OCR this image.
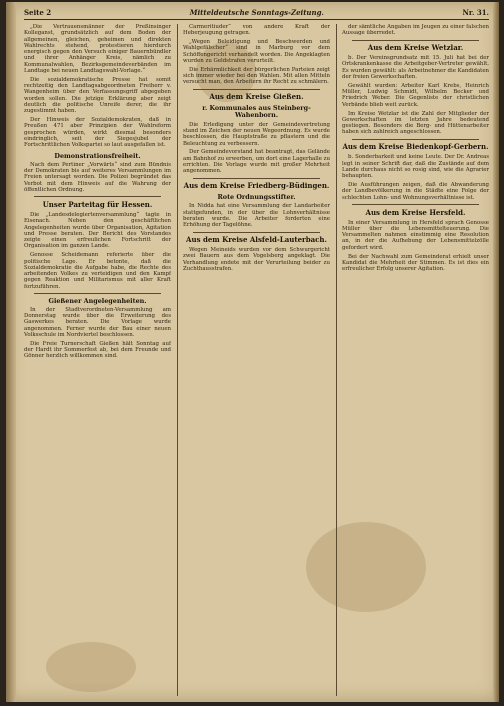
Seite 2	Mitteldeutsche Sonntags-Zeitung.	Nr. 31.

„Die Vertrauensmänner der Preßinsinger Kolleganst, grundsätzlich auf dem Boden der allgemeinen, gleichen, geheimen und direkten Wahlrechts stehend, protestieren hierdurch energisch gegen den Versuch einiger Bauernbündler und ihrer Anhänger Kreis, nämlich zu Kommunalwahlen, Bezirksgemeindeverbänden im Landtage bei neuen Landtagswahl-Vorlage.“

Die sozialdemokratische Presse hat somit rechtzeitig den Landtagsabgeordneten Freiherr v. Wangenheim über den Verfassungsgriff abgegeben worden sollen. Die jetzige Erklärung aber zeigt deutlich die politische Unreife derer, die ihr zugestimmt haben.

Der Hinweis der Sozialdemokraten, daß in Preußen 471 aber Prinzipien der Wahlreform gesprochen würden, wirkt diesmal besonders eindringlich, seit der Siegesjubel der Fortschrittlichen Volkspartei so laut ausgefallen ist.

Demonstrationsfreiheit.

Nach dem Pertiner „Vorwärts“ sind zum Bündnis der Demokraten bis auf weiteres Versammlungen im Freien untersagt worden. Die Polizei begründet das Verbot mit dem Hinweis auf die Wahrung der öffentlichen Ordnung.

Unser Parteitag für Hessen.

Die „Landesdelegiertenversammlung“ tagte in Eisenach. Neben den geschäftlichen Angelegenheiten wurde über Organisation, Agitation und Presse beraten. Der Bericht des Vorstandes zeigte einen erfreulichen Fortschritt der Organisation im ganzen Lande.

Genosse Scheidemann referierte über die politische Lage. Er betonte, daß die Sozialdemokratie die Aufgabe habe, die Rechte des arbeitenden Volkes zu verteidigen und den Kampf gegen Reaktion und Militarismus mit aller Kraft fortzuführen.

Gießener Angelegenheiten.

In der Stadtverordneten-Versammlung am Donnerstag wurde über die Erweiterung des Gaswerkes beraten. Die Vorlage wurde angenommen. Ferner wurde der Bau einer neuen Volksschule im Nordviertel beschlossen.

Die Freie Turnerschaft Gießen hält Sonntag auf der Hardt ihr Sommerfest ab, bei dem Freunde und Gönner herzlich willkommen sind.

Carmeritiuder“ von andere Kraft der Heberjeugung getragen.

„Wegen Beleidigung und Beschwerden und Wahlgefälscher“ sind in Marburg vor dem Schöffengericht verhandelt worden. Die Angeklagten wurden zu Geldstrafen verurteilt.

Die Erbärmlichkeit der bürgerlichen Parteien zeigt sich immer wieder bei den Wahlen. Mit allen Mitteln versucht man, den Arbeitern ihr Recht zu schmälern.

Aus dem Kreise Gießen.
r. Kommunales aus Steinberg-Wahenborn.

Die Erledigung unter der Gemeindevertretung stand im Zeichen der neuen Wegeordnung. Es wurde beschlossen, die Hauptstraße zu pflastern und die Beleuchtung zu verbessern.

Der Gemeindevorstand hat beantragt, das Gelände am Bahnhof zu erwerben, um dort eine Lagerhalle zu errichten. Die Vorlage wurde mit großer Mehrheit angenommen.

Aus dem Kreise Friedberg-Büdingen.
Rote Ordnungsstifter.

In Nidda hat eine Versammlung der Landarbeiter stattgefunden, in der über die Lohnverhältnisse beraten wurde. Die Arbeiter forderten eine Erhöhung der Tagelöhne.

Aus dem Kreise Alsfeld-Lauterbach.

Wegen Meineids wurden vor dem Schwurgericht zwei Bauern aus dem Vogelsberg angeklagt. Die Verhandlung endete mit der Verurteilung beider zu Zuchthausstrafen.

der sämtliche Angaben im Jeugen zu einer falschen Aussage überredet.

Aus dem Kreise Wetzlar.

b. Der Vereinsgrundsatz mit 15. Juli hat bei der Ortskrankenkasse die Arbeitgeber-Vertreter gewählt. Es wurden gewählt: als Arbeitnehmer die Kandidaten der freien Gewerkschaften.

Gewählt wurden: Arbeiter Karl Krebs, Heinrich Müller, Ludwig Schmidt, Wilhelm Becker und Friedrich Weber. Die Gegenliste der christlichen Verbände blieb weit zurück.

Im Kreise Wetzlar ist die Zahl der Mitglieder der Gewerkschaften im letzten Jahre bedeutend gestiegen. Besonders die Berg- und Hüttenarbeiter haben sich zahlreich angeschlossen.

Aus dem Kreise Biedenkopf-Gerbern.

b. Sonderbarkeit und keine Leute. Der Dr. Andreas legt in seiner Schrift dar, daß die Zustände auf dem Lande durchaus nicht so rosig sind, wie die Agrarier behaupten.

Die Ausführungen zeigen, daß die Abwanderung der Landbevölkerung in die Städte eine Folge der schlechten Lohn- und Wohnungsverhältnisse ist.

Aus dem Kreise Hersfeld.

In einer Versammlung in Hersfeld sprach Genosse Müller über die Lebensmittelteuerung. Die Versammelten nahmen einstimmig eine Resolution an, in der die Aufhebung der Lebensmittelzölle gefordert wird.

Bei der Nachwahl zum Gemeinderat erhielt unser Kandidat die Mehrheit der Stimmen. Es ist dies ein erfreulicher Erfolg unserer Agitation.
